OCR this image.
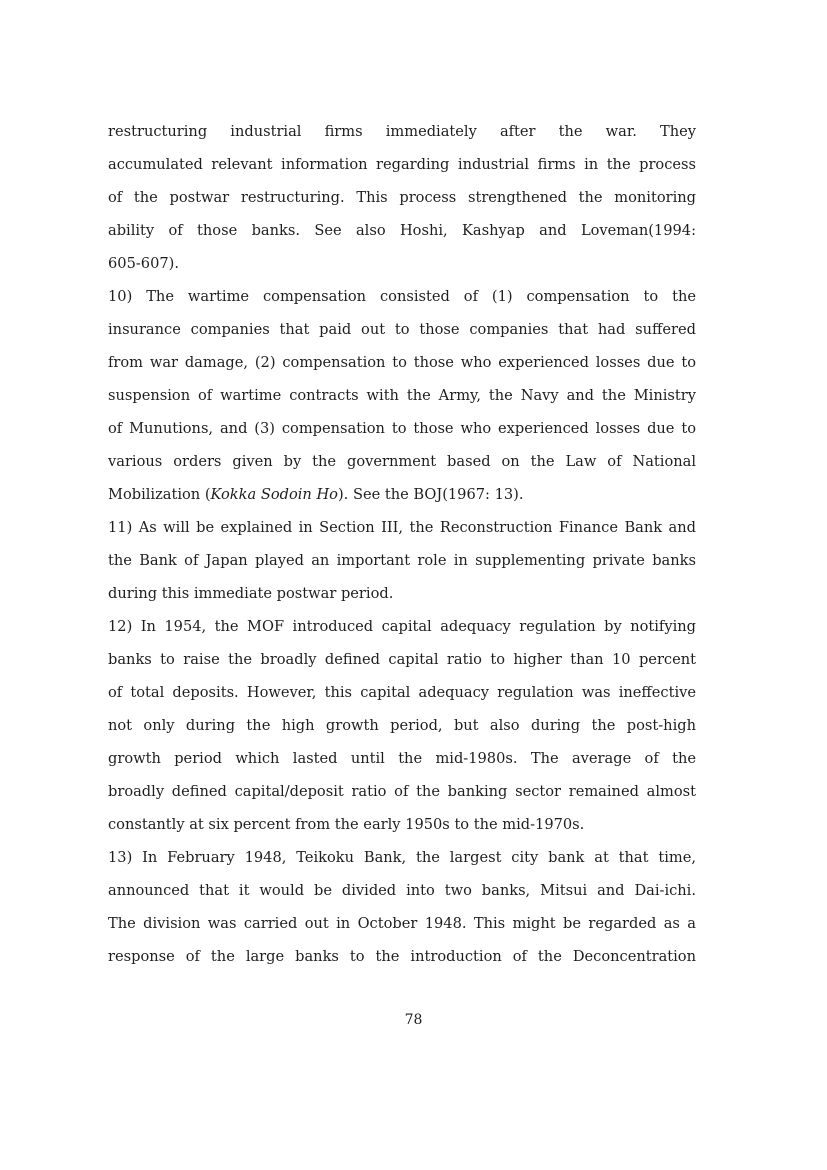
restructuring industrial firms immediately after the war. They
accumulated relevant information regarding industrial firms in the process
of the postwar restructuring. This process strengthened the monitoring
ability of those banks. See also Hoshi, Kashyap and Loveman(1994:
605-607).
10) The wartime compensation consisted of (1) compensation to the
insurance companies that paid out to those companies that had suffered
from war damage, (2) compensation to those who experienced losses due to
suspension of wartime contracts with the Army, the Navy and the Ministry
of Munutions, and (3) compensation to those who experienced losses due to
various orders given by the government based on the Law of National
Mobilization (Kokka Sodoin Ho). See the BOJ(1967: 13).
11) As will be explained in Section III, the Reconstruction Finance Bank and
the Bank of Japan played an important role in supplementing private banks
during this immediate postwar period.
12) In 1954, the MOF introduced capital adequacy regulation by notifying
banks to raise the broadly defined capital ratio to higher than 10 percent
of total deposits. However, this capital adequacy regulation was ineffective
not only during the high growth period, but also during the post-high
growth period which lasted until the mid-1980s. The average of the
broadly defined capital/deposit ratio of the banking sector remained almost
constantly at six percent from the early 1950s to the mid-1970s.
13) In February 1948, Teikoku Bank, the largest city bank at that time,
announced that it would be divided into two banks, Mitsui and Dai-ichi.
The division was carried out in October 1948. This might be regarded as a
response of the large banks to the introduction of the Deconcentration
78
